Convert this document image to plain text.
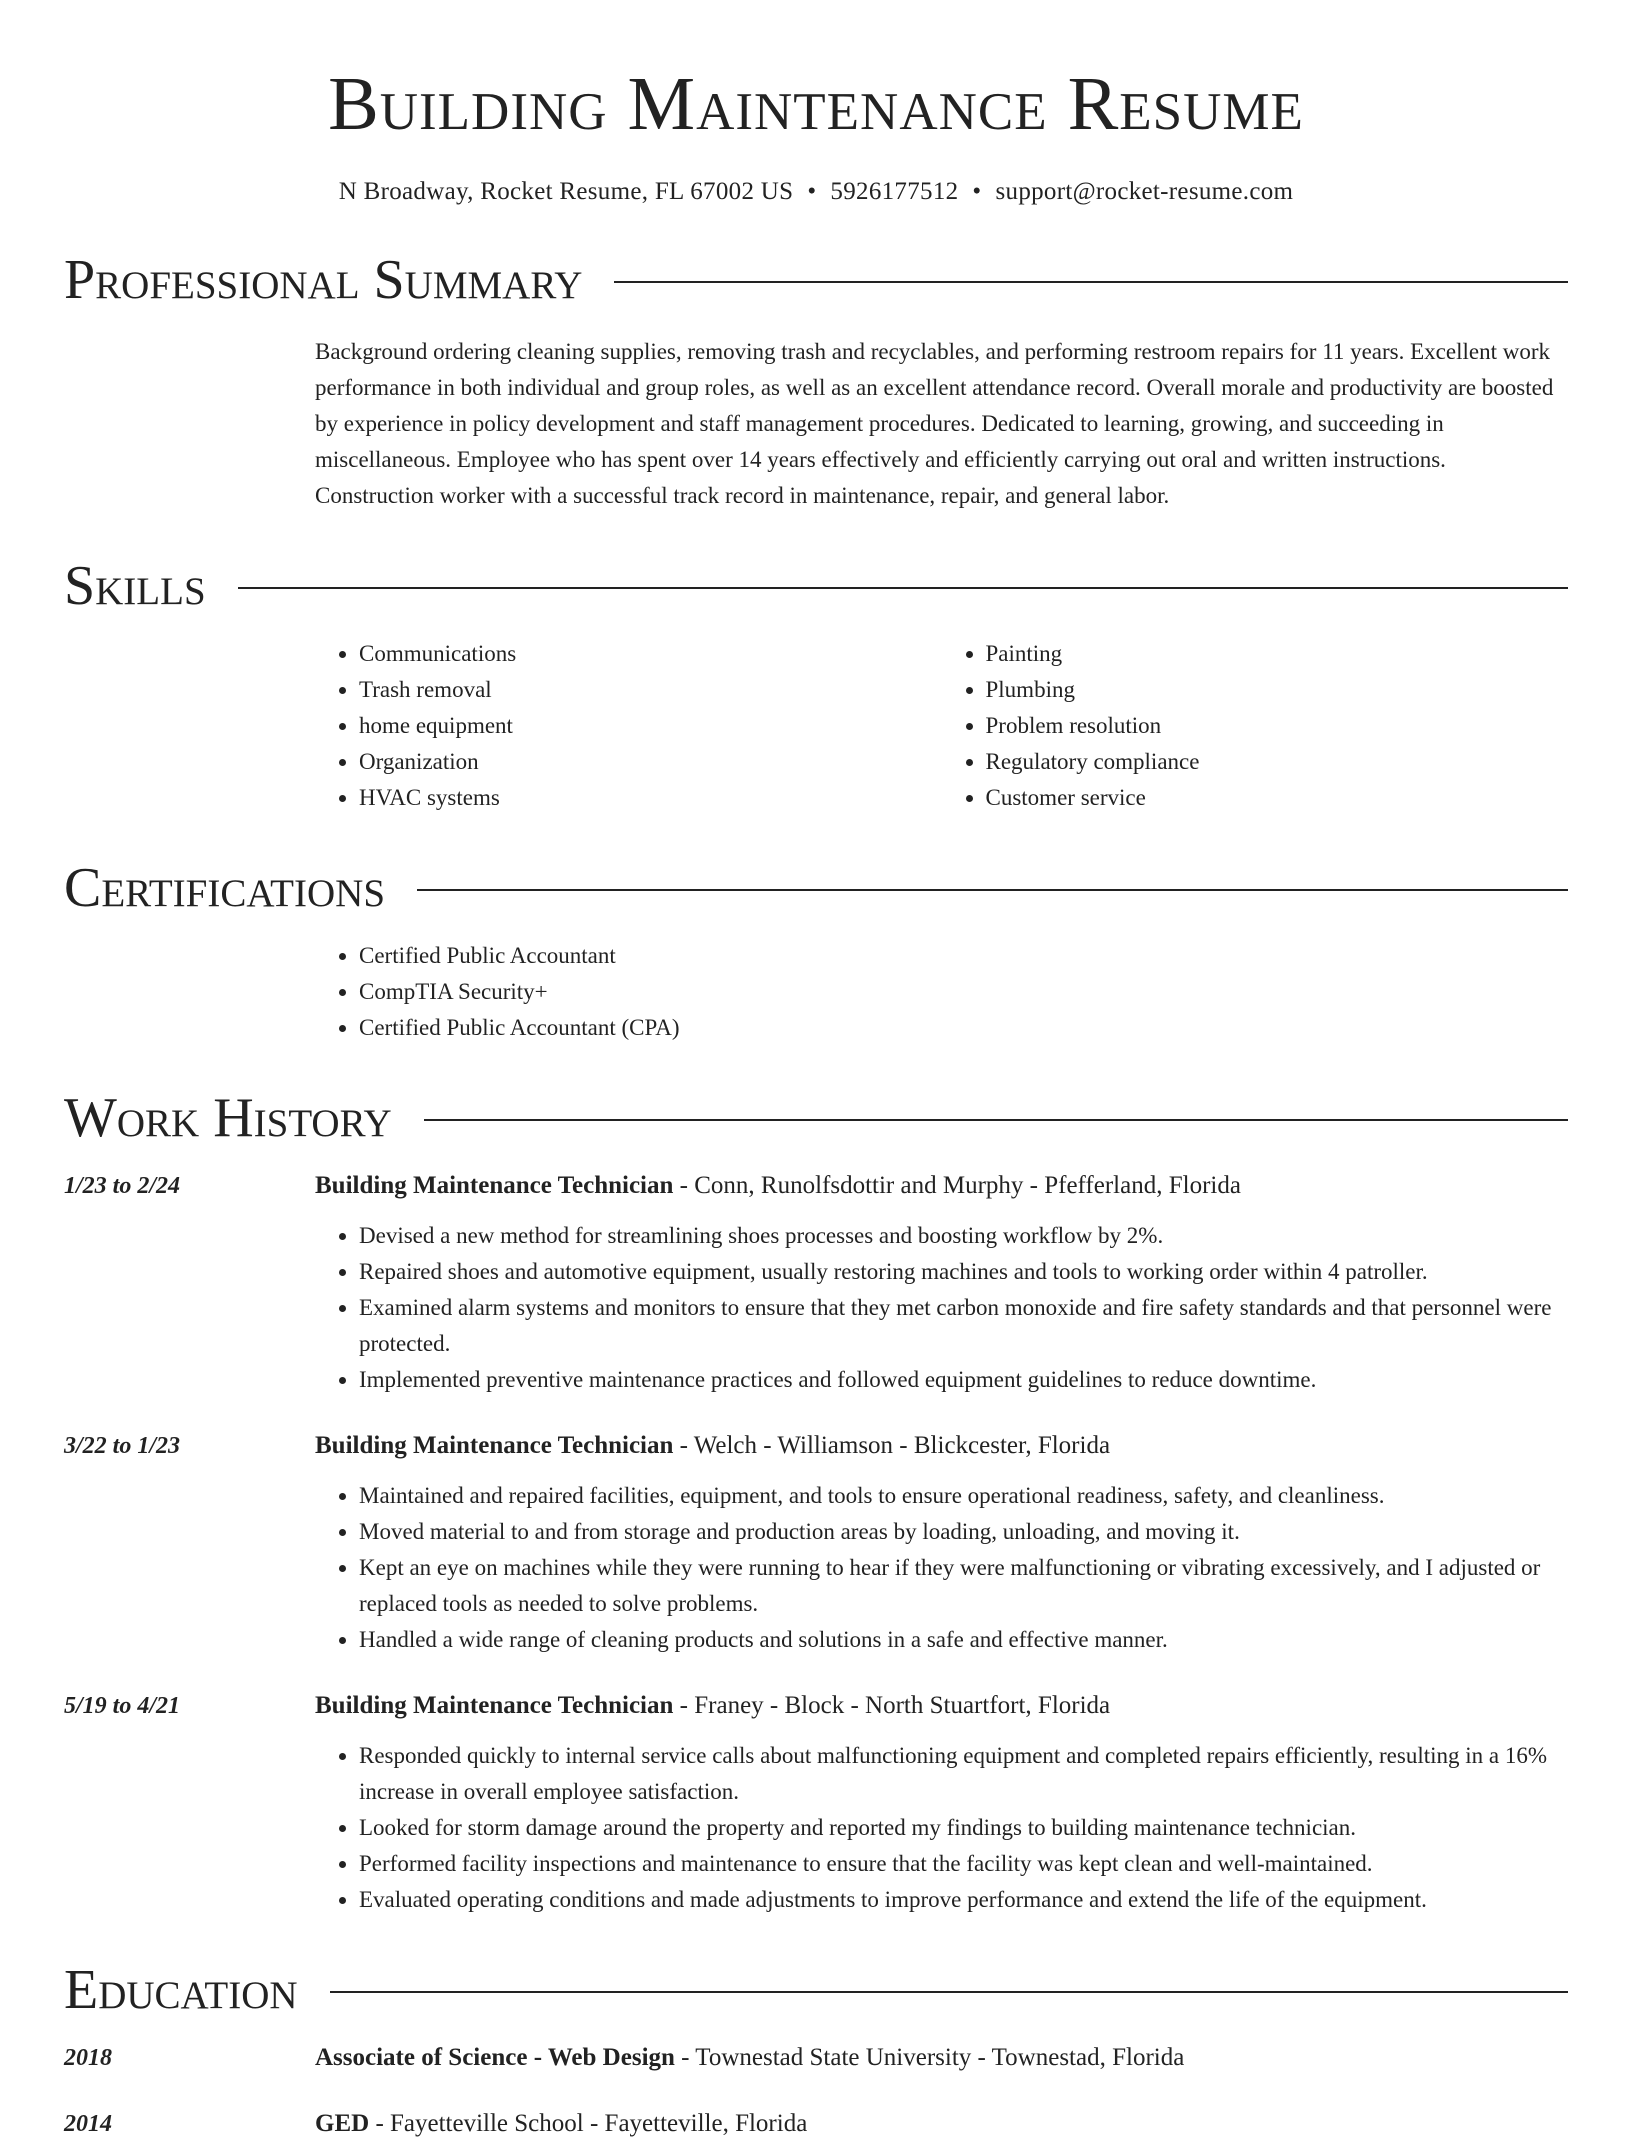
Building Maintenance Resume
N Broadway, Rocket Resume, FL 67002 US • 5926177512 • support@rocket-resume.com
Professional Summary
Background ordering cleaning supplies, removing trash and recyclables, and performing restroom repairs for 11 years. Excellent work performance in both individual and group roles, as well as an excellent attendance record. Overall morale and productivity are boosted by experience in policy development and staff management procedures. Dedicated to learning, growing, and succeeding in miscellaneous. Employee who has spent over 14 years effectively and efficiently carrying out oral and written instructions. Construction worker with a successful track record in maintenance, repair, and general labor.
Skills
• Communications
• Trash removal
• home equipment
• Organization
• HVAC systems
• Painting
• Plumbing
• Problem resolution
• Regulatory compliance
• Customer service
Certifications
• Certified Public Accountant
• CompTIA Security+
• Certified Public Accountant (CPA)
Work History
1/23 to 2/24	Building Maintenance Technician - Conn, Runolfsdottir and Murphy - Pfefferland, Florida
• Devised a new method for streamlining shoes processes and boosting workflow by 2%.
• Repaired shoes and automotive equipment, usually restoring machines and tools to working order within 4 patroller.
• Examined alarm systems and monitors to ensure that they met carbon monoxide and fire safety standards and that personnel were protected.
• Implemented preventive maintenance practices and followed equipment guidelines to reduce downtime.
3/22 to 1/23	Building Maintenance Technician - Welch - Williamson - Blickcester, Florida
• Maintained and repaired facilities, equipment, and tools to ensure operational readiness, safety, and cleanliness.
• Moved material to and from storage and production areas by loading, unloading, and moving it.
• Kept an eye on machines while they were running to hear if they were malfunctioning or vibrating excessively, and I adjusted or replaced tools as needed to solve problems.
• Handled a wide range of cleaning products and solutions in a safe and effective manner.
5/19 to 4/21	Building Maintenance Technician - Franey - Block - North Stuartfort, Florida
• Responded quickly to internal service calls about malfunctioning equipment and completed repairs efficiently, resulting in a 16% increase in overall employee satisfaction.
• Looked for storm damage around the property and reported my findings to building maintenance technician.
• Performed facility inspections and maintenance to ensure that the facility was kept clean and well-maintained.
• Evaluated operating conditions and made adjustments to improve performance and extend the life of the equipment.
Education
2018	Associate of Science - Web Design - Townestad State University - Townestad, Florida
2014	GED - Fayetteville School - Fayetteville, Florida
